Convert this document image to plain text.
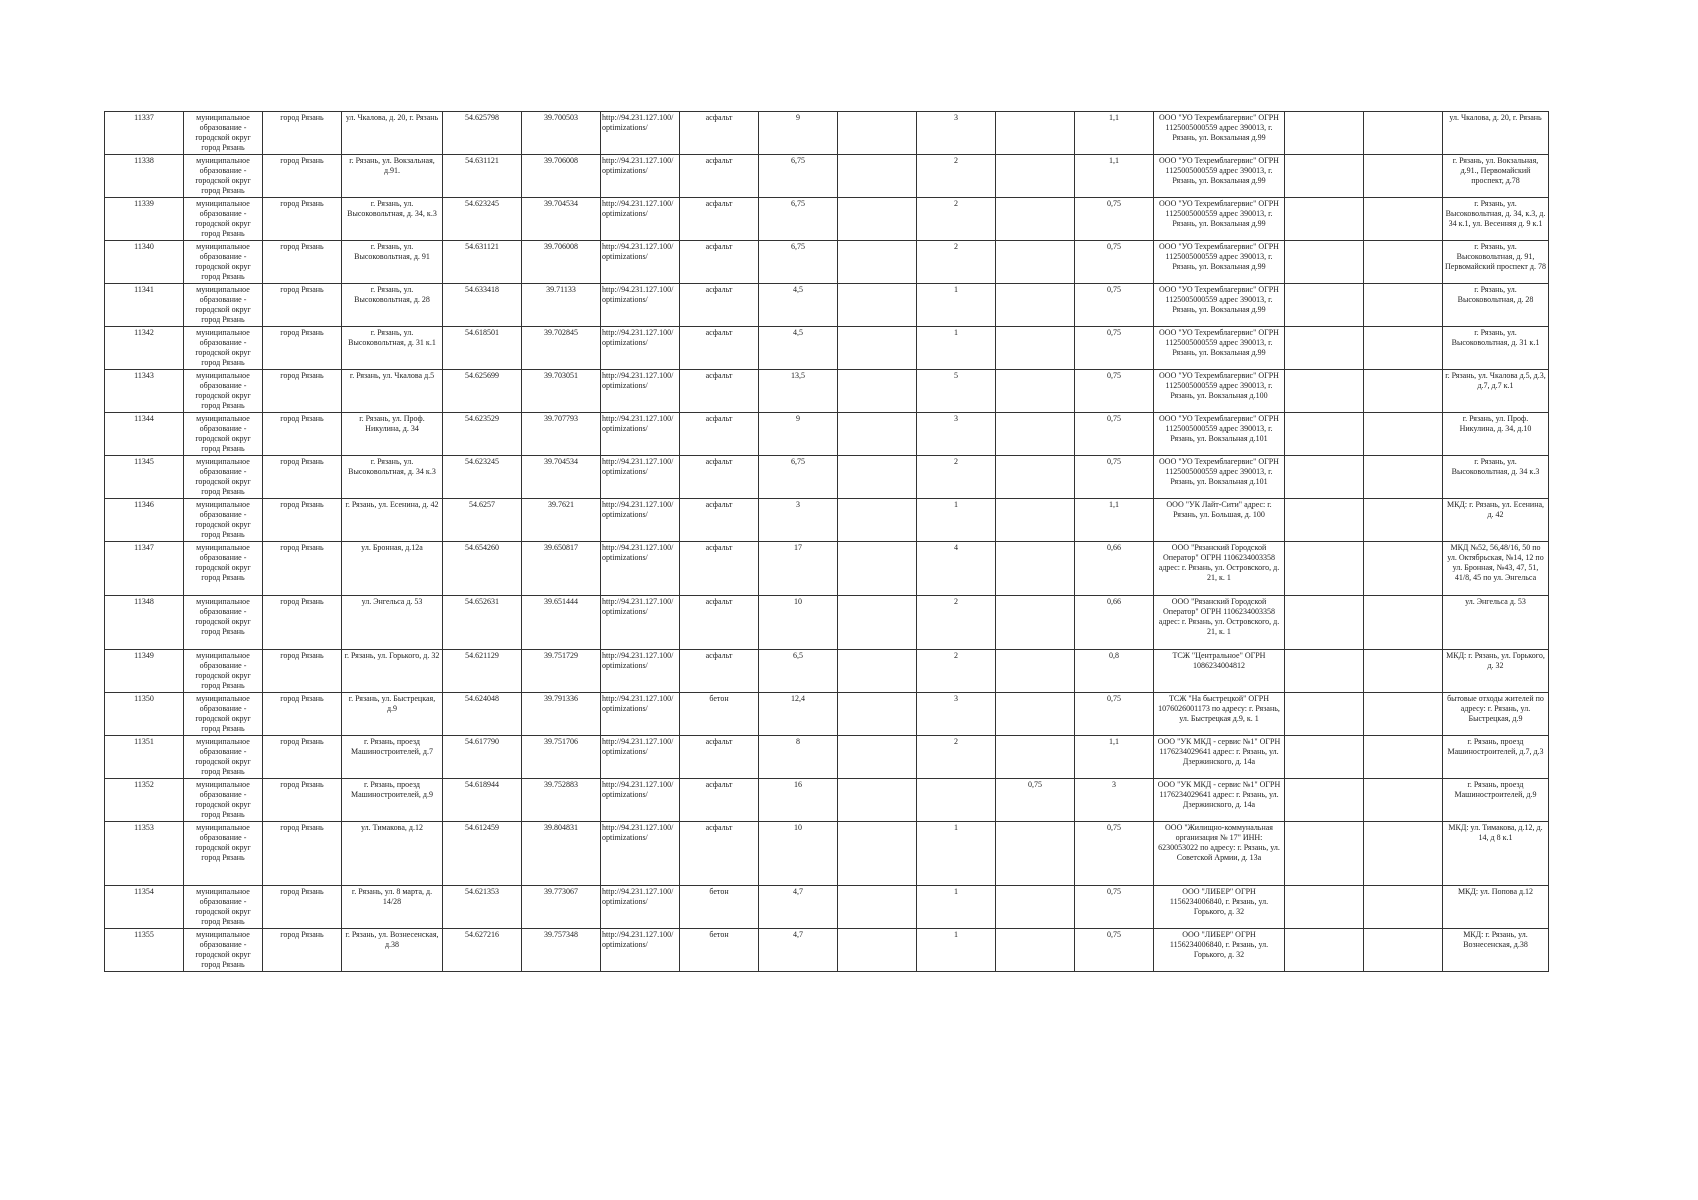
11337	муниципальное образование - городской округ город Рязань	город Рязань	ул. Чкалова, д. 20, г. Рязань	54.625798	39.700503	http://94.231.127.100/optimizations/	асфальт	9		3		1,1	ООО "УО Техремблагервис" ОГРН 1125005000559 адрес 390013, г. Рязань, ул. Вокзальная д.99			ул. Чкалова, д. 20, г. Рязань
11338	муниципальное образование - городской округ город Рязань	город Рязань	г. Рязань, ул. Вокзальная, д.91.	54.631121	39.706008	http://94.231.127.100/optimizations/	асфальт	6,75		2		1,1	ООО "УО Техремблагервис" ОГРН 1125005000559 адрес 390013, г. Рязань, ул. Вокзальная д.99			г. Рязань, ул. Вокзальная, д.91., Первомайский проспект, д.78
11339	муниципальное образование - городской округ город Рязань	город Рязань	г. Рязань, ул. Высоковольтная, д. 34, к.3	54.623245	39.704534	http://94.231.127.100/optimizations/	асфальт	6,75		2		0,75	ООО "УО Техремблагервис" ОГРН 1125005000559 адрес 390013, г. Рязань, ул. Вокзальная д.99			г. Рязань, ул. Высоковольтная, д. 34, к.3, д. 34 к.1, ул. Весенняя д. 9 к.1
11340	муниципальное образование - городской округ город Рязань	город Рязань	г. Рязань, ул. Высоковольтная, д. 91	54.631121	39.706008	http://94.231.127.100/optimizations/	асфальт	6,75		2		0,75	ООО "УО Техремблагервис" ОГРН 1125005000559 адрес 390013, г. Рязань, ул. Вокзальная д.99			г. Рязань, ул. Высоковольтная, д. 91, Первомайский проспект д. 78
11341	муниципальное образование - городской округ город Рязань	город Рязань	г. Рязань, ул. Высоковольтная, д. 28	54.633418	39.71133	http://94.231.127.100/optimizations/	асфальт	4,5		1		0,75	ООО "УО Техремблагервис" ОГРН 1125005000559 адрес 390013, г. Рязань, ул. Вокзальная д.99			г. Рязань, ул. Высоковольтная, д. 28
11342	муниципальное образование - городской округ город Рязань	город Рязань	г. Рязань, ул. Высоковольтная, д. 31 к.1	54.618501	39.702845	http://94.231.127.100/optimizations/	асфальт	4,5		1		0,75	ООО "УО Техремблагервис" ОГРН 1125005000559 адрес 390013, г. Рязань, ул. Вокзальная д.99			г. Рязань, ул. Высоковольтная, д. 31 к.1
11343	муниципальное образование - городской округ город Рязань	город Рязань	г. Рязань, ул. Чкалова д.5	54.625699	39.703051	http://94.231.127.100/optimizations/	асфальт	13,5		5		0,75	ООО "УО Техремблагервис" ОГРН 1125005000559 адрес 390013, г. Рязань, ул. Вокзальная д.100			г. Рязань, ул. Чкалова д.5, д.3, д.7, д.7 к.1
11344	муниципальное образование - городской округ город Рязань	город Рязань	г. Рязань, ул. Проф. Никулина, д. 34	54.623529	39.707793	http://94.231.127.100/optimizations/	асфальт	9		3		0,75	ООО "УО Техремблагервис" ОГРН 1125005000559 адрес 390013, г. Рязань, ул. Вокзальная д.101			г. Рязань, ул. Проф. Никулина, д. 34, д.10
11345	муниципальное образование - городской округ город Рязань	город Рязань	г. Рязань, ул. Высоковольтная, д. 34 к.3	54.623245	39.704534	http://94.231.127.100/optimizations/	асфальт	6,75		2		0,75	ООО "УО Техремблагервис" ОГРН 1125005000559 адрес 390013, г. Рязань, ул. Вокзальная д.101			г. Рязань, ул. Высоковольтная, д. 34 к.3
11346	муниципальное образование - городской округ город Рязань	город Рязань	г. Рязань, ул. Есенина, д. 42	54.6257	39.7621	http://94.231.127.100/optimizations/	асфальт	3		1		1,1	ООО "УК Лайт-Сити" адрес: г. Рязань, ул. Большая, д. 100			МКД: г. Рязань, ул. Есенина, д. 42
11347	муниципальное образование - городской округ город Рязань	город Рязань	ул. Бронная, д.12а	54.654260	39.650817	http://94.231.127.100/optimizations/	асфальт	17		4		0,66	ООО "Рязанский Городской Оператор" ОГРН 1106234003358 адрес: г. Рязань, ул. Островского, д. 21, к. 1			МКД №52, 56,48/16, 50 по ул. Октябрьская, №14, 12 по ул. Бронная, №43, 47, 51, 41/8, 45 по ул. Энгельса
11348	муниципальное образование - городской округ город Рязань	город Рязань	ул. Энгельса д. 53	54.652631	39.651444	http://94.231.127.100/optimizations/	асфальт	10		2		0,66	ООО "Рязанский Городской Оператор" ОГРН 1106234003358 адрес: г. Рязань, ул. Островского, д. 21, к. 1			ул. Энгельса д. 53
11349	муниципальное образование - городской округ город Рязань	город Рязань	г. Рязань, ул. Горького, д. 32	54.621129	39.751729	http://94.231.127.100/optimizations/	асфальт	6,5		2		0,8	ТСЖ "Центральное" ОГРН 1086234004812			МКД: г. Рязань, ул. Горького, д. 32
11350	муниципальное образование - городской округ город Рязань	город Рязань	г. Рязань, ул. Быстрецкая, д.9	54.624048	39.791336	http://94.231.127.100/optimizations/	бетон	12,4		3		0,75	ТСЖ "На быстрецкой" ОГРН 1076026001173 по адресу: г. Рязань, ул. Быстрецкая д.9, к. 1			бытовые отходы жителей по адресу: г. Рязань, ул. Быстрецкая, д.9
11351	муниципальное образование - городской округ город Рязань	город Рязань	г. Рязань, проезд Машиностроителей, д.7	54.617790	39.751706	http://94.231.127.100/optimizations/	асфальт	8		2		1,1	ООО "УК МКД - сервис №1" ОГРН 1176234029641 адрес: г. Рязань, ул. Дзержинского, д. 14а			г. Рязань, проезд Машиностроителей, д.7, д.3
11352	муниципальное образование - городской округ город Рязань	город Рязань	г. Рязань, проезд Машиностроителей, д.9	54.618944	39.752883	http://94.231.127.100/optimizations/	асфальт	16			0,75	3	ООО "УК МКД - сервис №1" ОГРН 1176234029641 адрес: г. Рязань, ул. Дзержинского, д. 14а			г. Рязань, проезд Машиностроителей, д.9
11353	муниципальное образование - городской округ город Рязань	город Рязань	ул. Тимакова, д.12	54.612459	39.804831	http://94.231.127.100/optimizations/	асфальт	10		1		0,75	ООО "Жилищно-коммунальная организация № 17" ИНН: 6230053022 по адресу: г. Рязань, ул. Советской Армии, д. 13а			МКД: ул. Тимакова, д.12, д. 14, д 8 к.1
11354	муниципальное образование - городской округ город Рязань	город Рязань	г. Рязань, ул. 8 марта, д. 14/28	54.621353	39.773067	http://94.231.127.100/optimizations/	бетон	4,7		1		0,75	ООО "ЛИБЕР" ОГРН 1156234006840, г. Рязань, ул. Горького, д. 32			МКД: ул. Попова д.12
11355	муниципальное образование - городской округ город Рязань	город Рязань	г. Рязань, ул. Вознесенская, д.38	54.627216	39.757348	http://94.231.127.100/optimizations/	бетон	4,7		1		0,75	ООО "ЛИБЕР" ОГРН 1156234006840, г. Рязань, ул. Горького, д. 32			МКД: г. Рязань, ул. Вознесенская, д.38
